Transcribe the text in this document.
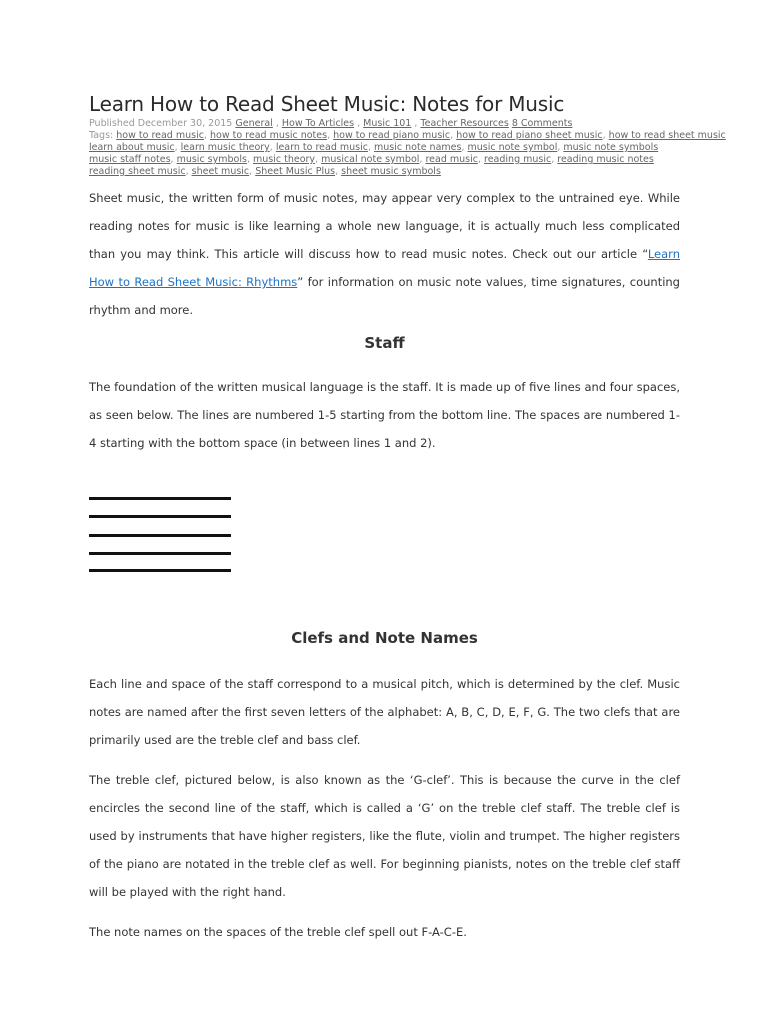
Learn How to Read Sheet Music: Notes for Music
Published December 30, 2015 General , How To Articles , Music 101 , Teacher Resources 8 Comments
Tags: how to read music, how to read music notes, how to read piano music, how to read piano sheet music, how to read sheet music
learn about music, learn music theory, learn to read music, music note names, music note symbol, music note symbols
music staff notes, music symbols, music theory, musical note symbol, read music, reading music, reading music notes
reading sheet music, sheet music, Sheet Music Plus, sheet music symbols

Sheet music, the written form of music notes, may appear very complex to the untrained eye. While reading notes for music is like learning a whole new language, it is actually much less complicated than you may think. This article will discuss how to read music notes. Check out our article “Learn How to Read Sheet Music: Rhythms” for information on music note values, time signatures, counting rhythm and more.

Staff

The foundation of the written musical language is the staff. It is made up of five lines and four spaces, as seen below. The lines are numbered 1-5 starting from the bottom line. The spaces are numbered 1-4 starting with the bottom space (in between lines 1 and 2).

Clefs and Note Names

Each line and space of the staff correspond to a musical pitch, which is determined by the clef. Music notes are named after the first seven letters of the alphabet: A, B, C, D, E, F, G. The two clefs that are primarily used are the treble clef and bass clef.

The treble clef, pictured below, is also known as the ‘G-clef’. This is because the curve in the clef encircles the second line of the staff, which is called a ‘G’ on the treble clef staff. The treble clef is used by instruments that have higher registers, like the flute, violin and trumpet. The higher registers of the piano are notated in the treble clef as well. For beginning pianists, notes on the treble clef staff will be played with the right hand.

The note names on the spaces of the treble clef spell out F-A-C-E.
